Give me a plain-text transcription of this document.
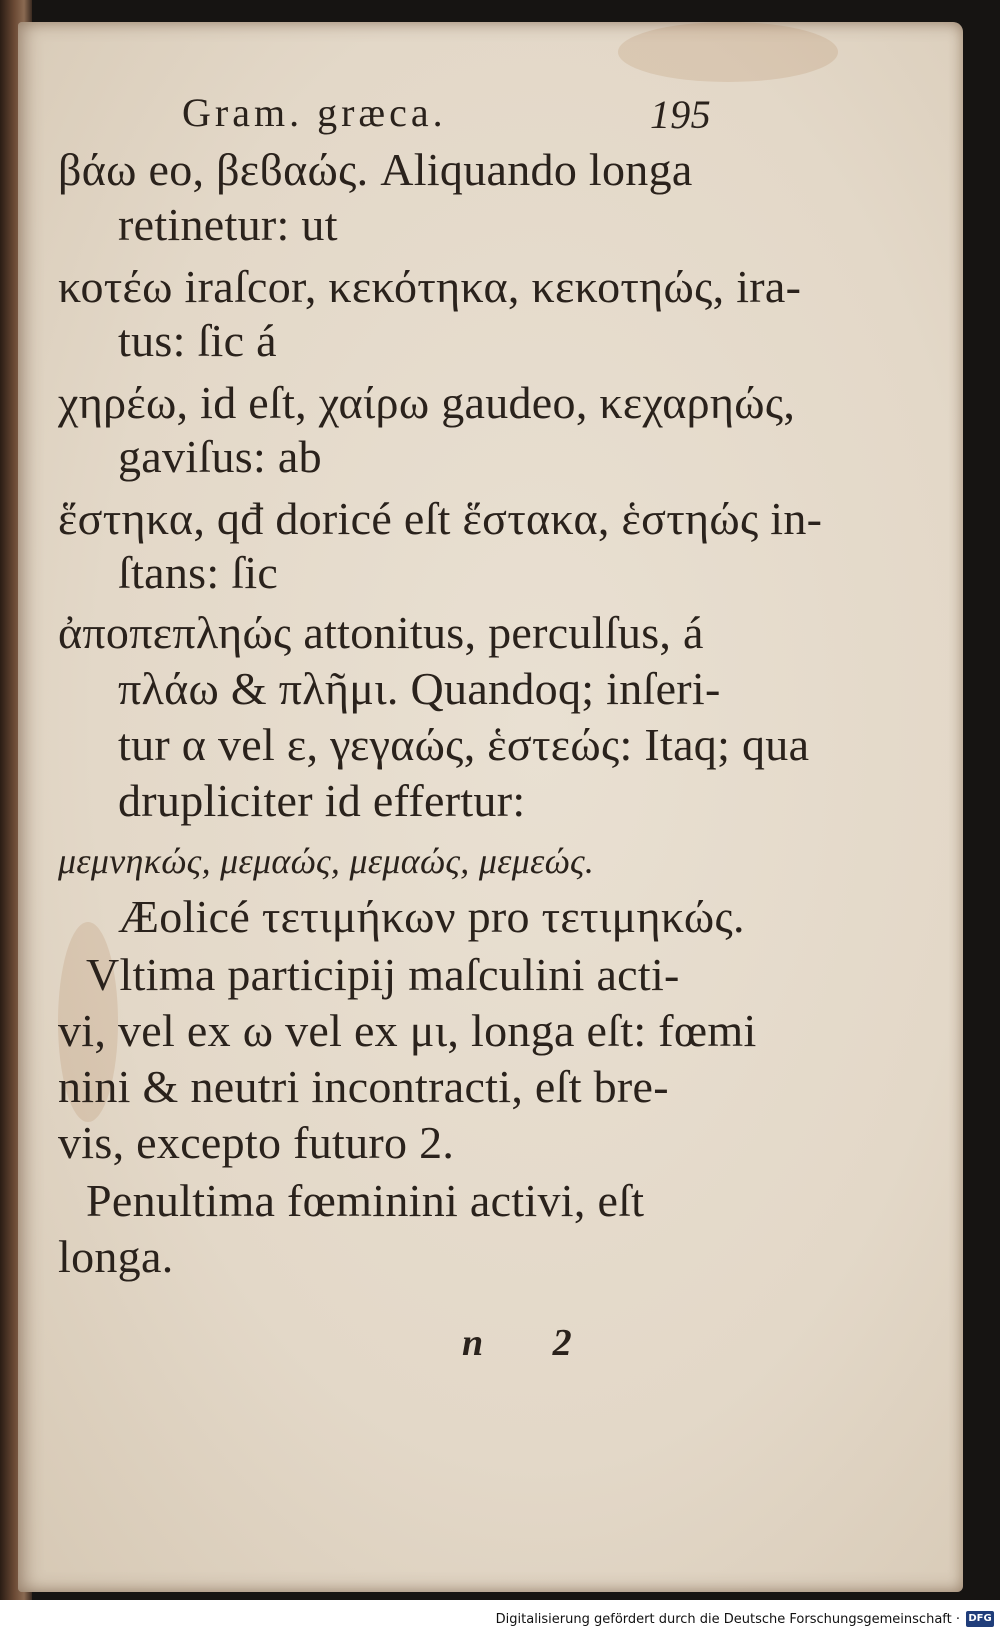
Gram. græca.	195
βάω eo, βεϐαώς. Aliquando longa
retinetur: ut
κοτέω iraſcor, κεκότηκα, κεκοτηώς, ira-
tus: ſic á
χηρέω, id eſt, χαίρω gaudeo, κεχαρηώς,
gaviſus: ab
ἕστηκα, qđ doricé eſt ἕστακα, ἑστηώς in-
ſtans: ſic
ἀποπεπληώς attonitus, perculſus, á
πλάω & πλῆμι. Quandoq; inſeri-
tur α vel ε, γεγαώς, ἑστεώς: Itaq; qua
drupliciter id effertur:
μεμνηκώς, μεμαώς, μεμαώς, μεμεώς.
Æolicé τετιμήκων pro τετιμηκώς.
Vltima participij maſculini acti-
vi, vel ex ω vel ex μι, longa eſt: fœmi
nini & neutri incontracti, eſt bre-
vis, excepto futuro 2.
Penultima fœminini activi, eſt
longa.
n 2
Digitalisierung gefördert durch die Deutsche Forschungsgemeinschaft · DFG
